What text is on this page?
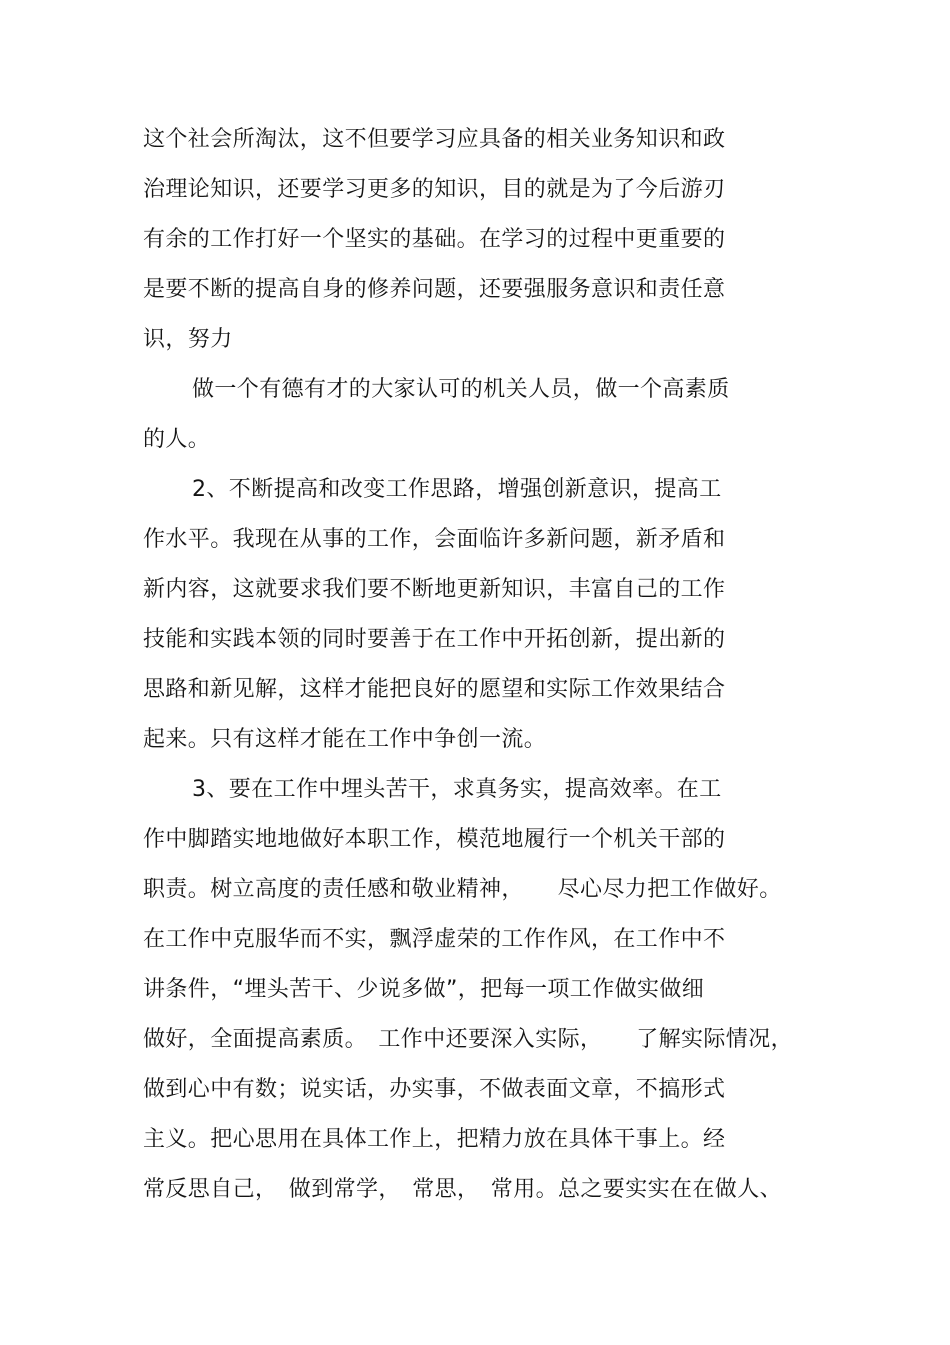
这个社会所淘汰，这不但要学习应具备的相关业务知识和政
治理论知识，还要学习更多的知识，目的就是为了今后游刃
有余的工作打好一个坚实的基础。在学习的过程中更重要的
是要不断的提高自身的修养问题，还要强服务意识和责任意
识，努力
做一个有德有才的大家认可的机关人员，做一个高素质
的人。
2、不断提高和改变工作思路，增强创新意识，提高工
作水平。我现在从事的工作，会面临许多新问题，新矛盾和
新内容，这就要求我们要不断地更新知识，丰富自己的工作
技能和实践本领的同时要善于在工作中开拓创新，提出新的
思路和新见解，这样才能把良好的愿望和实际工作效果结合
起来。只有这样才能在工作中争创一流。
3、要在工作中埋头苦干，求真务实，提高效率。在工
作中脚踏实地地做好本职工作，模范地履行一个机关干部的
职责。树立高度的责任感和敬业精神，　　尽心尽力把工作做好。
在工作中克服华而不实，飘浮虚荣的工作作风，在工作中不
讲条件，“埋头苦干、少说多做”，把每一项工作做实做细
做好，全面提高素质。　工作中还要深入实际，　　了解实际情况，
做到心中有数；说实话，办实事，不做表面文章，不搞形式
主义。把心思用在具体工作上，把精力放在具体干事上。经
常反思自己，　做到常学，　常思，　常用。总之要实实在在做人、
